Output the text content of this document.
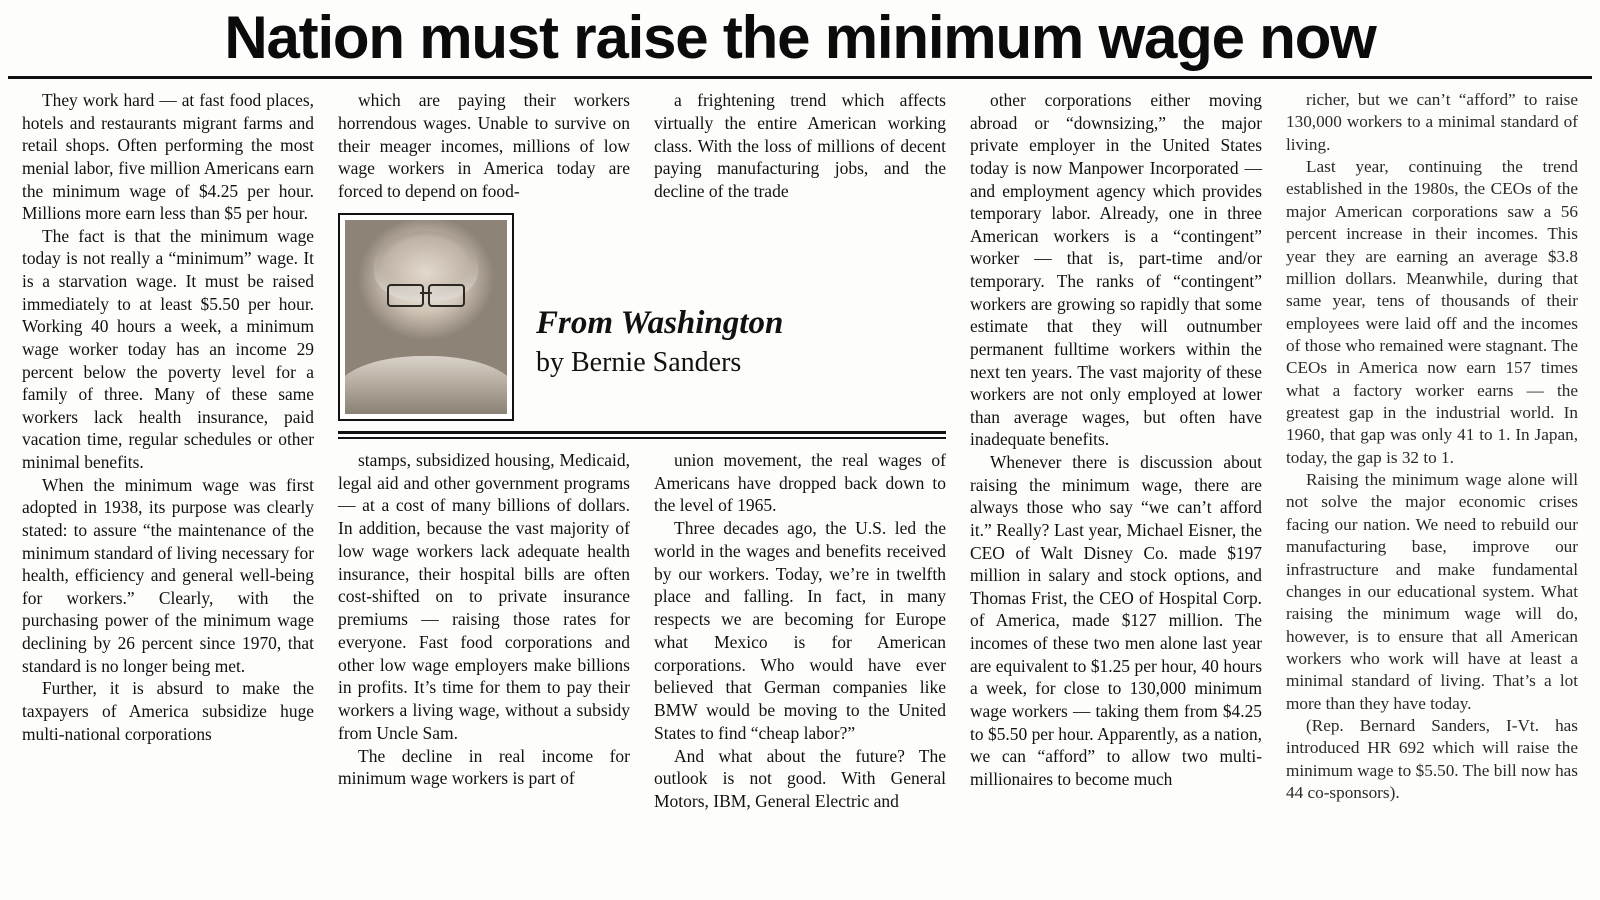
Nation must raise the minimum wage now

They work hard — at fast food places, hotels and restaurants migrant farms and retail shops. Often performing the most menial labor, five million Americans earn the minimum wage of $4.25 per hour. Millions more earn less than $5 per hour.

The fact is that the minimum wage today is not really a “minimum” wage. It is a starvation wage. It must be raised immediately to at least $5.50 per hour. Working 40 hours a week, a minimum wage worker today has an income 29 percent below the poverty level for a family of three. Many of these same workers lack health insurance, paid vacation time, regular schedules or other minimal benefits.

When the minimum wage was first adopted in 1938, its purpose was clearly stated: to assure “the maintenance of the minimum standard of living necessary for health, efficiency and general well-being for workers.” Clearly, with the purchasing power of the minimum wage declining by 26 percent since 1970, that standard is no longer being met.

Further, it is absurd to make the taxpayers of America subsidize huge multi-national corporations

which are paying their workers horrendous wages. Unable to survive on their meager incomes, millions of low wage workers in America today are forced to depend on food-

a frightening trend which affects virtually the entire American working class. With the loss of millions of decent paying manufacturing jobs, and the decline of the trade

From Washington
by Bernie Sanders

stamps, subsidized housing, Medicaid, legal aid and other government programs — at a cost of many billions of dollars. In addition, because the vast majority of low wage workers lack adequate health insurance, their hospital bills are often cost-shifted on to private insurance premiums — raising those rates for everyone. Fast food corporations and other low wage employers make billions in profits. It’s time for them to pay their workers a living wage, without a subsidy from Uncle Sam.

The decline in real income for minimum wage workers is part of

union movement, the real wages of Americans have dropped back down to the level of 1965.

Three decades ago, the U.S. led the world in the wages and benefits received by our workers. Today, we’re in twelfth place and falling. In fact, in many respects we are becoming for Europe what Mexico is for American corporations. Who would have ever believed that German companies like BMW would be moving to the United States to find “cheap labor?”

And what about the future? The outlook is not good. With General Motors, IBM, General Electric and

other corporations either moving abroad or “downsizing,” the major private employer in the United States today is now Manpower Incorporated — and employment agency which provides temporary labor. Already, one in three American workers is a “contingent” worker — that is, part-time and/or temporary. The ranks of “contingent” workers are growing so rapidly that some estimate that they will outnumber permanent fulltime workers within the next ten years. The vast majority of these workers are not only employed at lower than average wages, but often have inadequate benefits.

Whenever there is discussion about raising the minimum wage, there are always those who say “we can’t afford it.” Really? Last year, Michael Eisner, the CEO of Walt Disney Co. made $197 million in salary and stock options, and Thomas Frist, the CEO of Hospital Corp. of America, made $127 million. The incomes of these two men alone last year are equivalent to $1.25 per hour, 40 hours a week, for close to 130,000 minimum wage workers — taking them from $4.25 to $5.50 per hour. Apparently, as a nation, we can “afford” to allow two multi-millionaires to become much

richer, but we can’t “afford” to raise 130,000 workers to a minimal standard of living.

Last year, continuing the trend established in the 1980s, the CEOs of the major American corporations saw a 56 percent increase in their incomes. This year they are earning an average $3.8 million dollars. Meanwhile, during that same year, tens of thousands of their employees were laid off and the incomes of those who remained were stagnant. The CEOs in America now earn 157 times what a factory worker earns — the greatest gap in the industrial world. In 1960, that gap was only 41 to 1. In Japan, today, the gap is 32 to 1.

Raising the minimum wage alone will not solve the major economic crises facing our nation. We need to rebuild our manufacturing base, improve our infrastructure and make fundamental changes in our educational system. What raising the minimum wage will do, however, is to ensure that all American workers who work will have at least a minimal standard of living. That’s a lot more than they have today.

(Rep. Bernard Sanders, I-Vt. has introduced HR 692 which will raise the minimum wage to $5.50. The bill now has 44 co-sponsors).
